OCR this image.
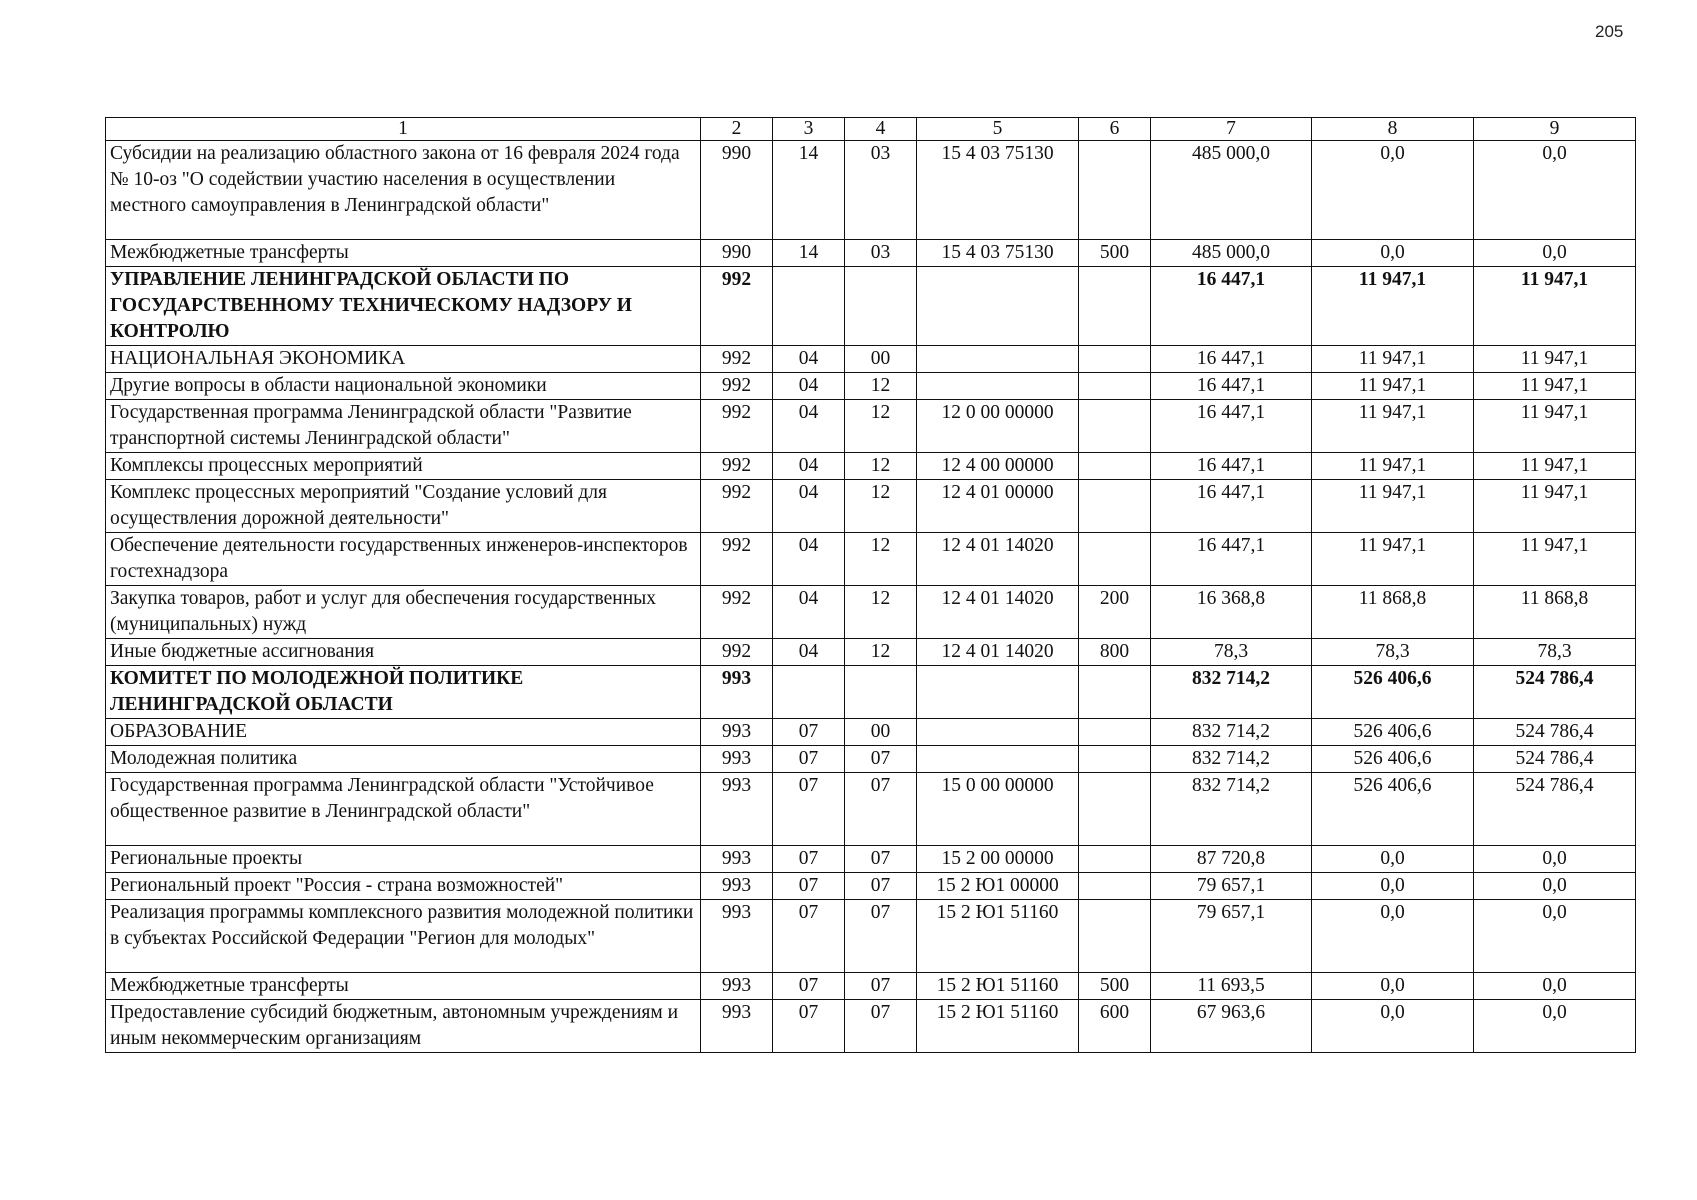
205
1	2	3	4	5	6	7	8	9
Субсидии на реализацию областного закона от 16 февраля 2024 года № 10-оз "О содействии участию населения в осуществлении местного самоуправления в Ленинградской области"	990	14	03	15 4 03 75130		485 000,0	0,0	0,0
Межбюджетные трансферты	990	14	03	15 4 03 75130	500	485 000,0	0,0	0,0
УПРАВЛЕНИЕ ЛЕНИНГРАДСКОЙ ОБЛАСТИ ПО ГОСУДАРСТВЕННОМУ ТЕХНИЧЕСКОМУ НАДЗОРУ И КОНТРОЛЮ	992					16 447,1	11 947,1	11 947,1
НАЦИОНАЛЬНАЯ ЭКОНОМИКА	992	04	00			16 447,1	11 947,1	11 947,1
Другие вопросы в области национальной экономики	992	04	12			16 447,1	11 947,1	11 947,1
Государственная программа Ленинградской области "Развитие транспортной системы Ленинградской области"	992	04	12	12 0 00 00000		16 447,1	11 947,1	11 947,1
Комплексы процессных мероприятий	992	04	12	12 4 00 00000		16 447,1	11 947,1	11 947,1
Комплекс процессных мероприятий "Создание условий для осуществления дорожной деятельности"	992	04	12	12 4 01 00000		16 447,1	11 947,1	11 947,1
Обеспечение деятельности государственных инженеров-инспекторов гостехнадзора	992	04	12	12 4 01 14020		16 447,1	11 947,1	11 947,1
Закупка товаров, работ и услуг для обеспечения государственных (муниципальных) нужд	992	04	12	12 4 01 14020	200	16 368,8	11 868,8	11 868,8
Иные бюджетные ассигнования	992	04	12	12 4 01 14020	800	78,3	78,3	78,3
КОМИТЕТ ПО МОЛОДЕЖНОЙ ПОЛИТИКЕ ЛЕНИНГРАДСКОЙ ОБЛАСТИ	993					832 714,2	526 406,6	524 786,4
ОБРАЗОВАНИЕ	993	07	00			832 714,2	526 406,6	524 786,4
Молодежная политика	993	07	07			832 714,2	526 406,6	524 786,4
Государственная программа Ленинградской области "Устойчивое общественное развитие в Ленинградской области"	993	07	07	15 0 00 00000		832 714,2	526 406,6	524 786,4
Региональные проекты	993	07	07	15 2 00 00000		87 720,8	0,0	0,0
Региональный проект "Россия - страна возможностей"	993	07	07	15 2 Ю1 00000		79 657,1	0,0	0,0
Реализация программы комплексного развития молодежной политики в субъектах Российской Федерации "Регион для молодых"	993	07	07	15 2 Ю1 51160		79 657,1	0,0	0,0
Межбюджетные трансферты	993	07	07	15 2 Ю1 51160	500	11 693,5	0,0	0,0
Предоставление субсидий бюджетным, автономным учреждениям и иным некоммерческим организациям	993	07	07	15 2 Ю1 51160	600	67 963,6	0,0	0,0
